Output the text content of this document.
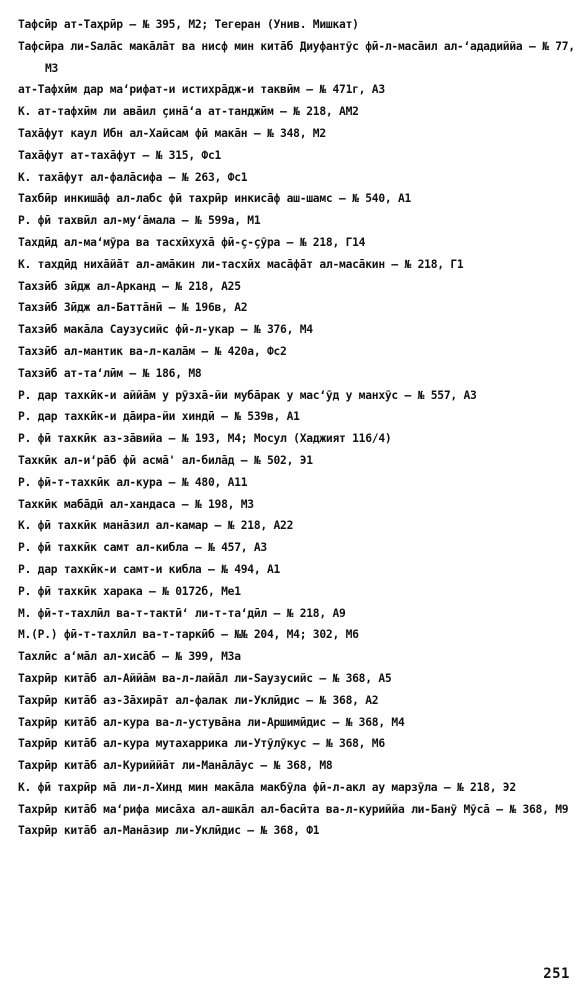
Тафсӣр ат-Таҳрӣр – № 395, М2; Тегеран (Унив. Мишкат)
Тафсӣра ли-Ѕалāс макāлāт ва нисф мин китāб Диуфантӯс фӣ-л-масāил ал-ʻададиййа – № 77, М3
ат-Тафхӣм дар маʻрифат-и истихрāдж-и таквӣм – № 471г, А3
К. ат-тафхӣм ли авāил ҫинāʻа ат-танджӣм – № 218, АМ2
Тахāфут каул Ибн ал-Хайсам фӣ макāн – № 348, М2
Тахāфут ат-тахāфут – № 315, Фс1
К. тахāфут ал-фалāсифа – № 263, Фс1
Тахбӣр инкишāф ал-лабс фӣ тахрӣр инкисāф аш-шамс – № 540, А1
Р. фӣ тахвӣл ал-муʻāмала – № 599а, М1
Тахдӣд ал-маʻмӯра ва тасхӣхухā фӣ-ç-ҫӯра – № 218, Г14
К. тахдӣд нихāйāт ал-амāкин ли-тасхӣх масāфāт ал-масāкин – № 218, Г1
Тахзӣб зӣдж ал-Арканд – № 218, А25
Тахзӣб Зӣдж ал-Баттāнӣ – № 196в, А2
Тахзӣб макāла Саузусийс фӣ-л-укар – № 376, М4
Тахзӣб ал-мантик ва-л-калāм – № 420а, Фс2
Тахзӣб ат-таʻлӣм – № 186, М8
Р. дар тахкӣк-и аййāм у рӯзхā-йи мубāрак у масʻӯд у манхӯс – № 557, А3
Р. дар тахкӣк-и дāира-йи хиндӣ – № 539в, А1
Р. фӣ тахкӣк аз-зāвийа – № 193, М4; Мосул (Хаджият 116/4)
Тахкӣк ал-иʻрāб фӣ асмā' ал-билāд – № 502, Э1
Р. фӣ-т-тахкӣк ал-кура – № 480, А11
Тахкӣк мабāдӣ ал-хандаса – № 198, М3
К. фӣ тахкӣк манāзил ал-камар – № 218, А22
Р. фӣ тахкӣк самт ал-кибла – № 457, А3
Р. дар тахкӣк-и самт-и кибла – № 494, А1
Р. фӣ тахкӣк харака – № 0172б, Ме1
М. фӣ-т-тахлӣл ва-т-тактӣʻ ли-т-таʻдӣл – № 218, А9
М.(Р.) фӣ-т-тахлӣл ва-т-таркӣб – №№ 204, М4; 302, М6
Тахлӣс аʻмāл ал-хисāб – № 399, М3а
Тахрӣр китāб ал-Аййāм ва-л-лайāл ли-Ѕаузусийс – № 368, А5
Тахрӣр китāб аз-Зāхирāт ал-фалак ли-Уклӣдис – № 368, А2
Тахрӣр китāб ал-кура ва-л-устувāна ли-Аршимӣдис – № 368, М4
Тахрӣр китāб ал-кура мутахаррика ли-Утӯлӯкус – № 368, М6
Тахрӣр китāб ал-Куриййāт ли-Манāлāус – № 368, М8
К. фӣ тахрӣр мā ли-л-Хинд мин макāла макбӯла фӣ-л-акл ау марзӯла – № 218, Э2
Тахрӣр китāб маʻрифа мисāха ал-ашкāл ал-басӣта ва-л-куриййа ли-Банӯ Мӯсā – № 368, М9
Тахрӣр китāб ал-Манāзир ли-Уклӣдис – № 368, Ф1
251
